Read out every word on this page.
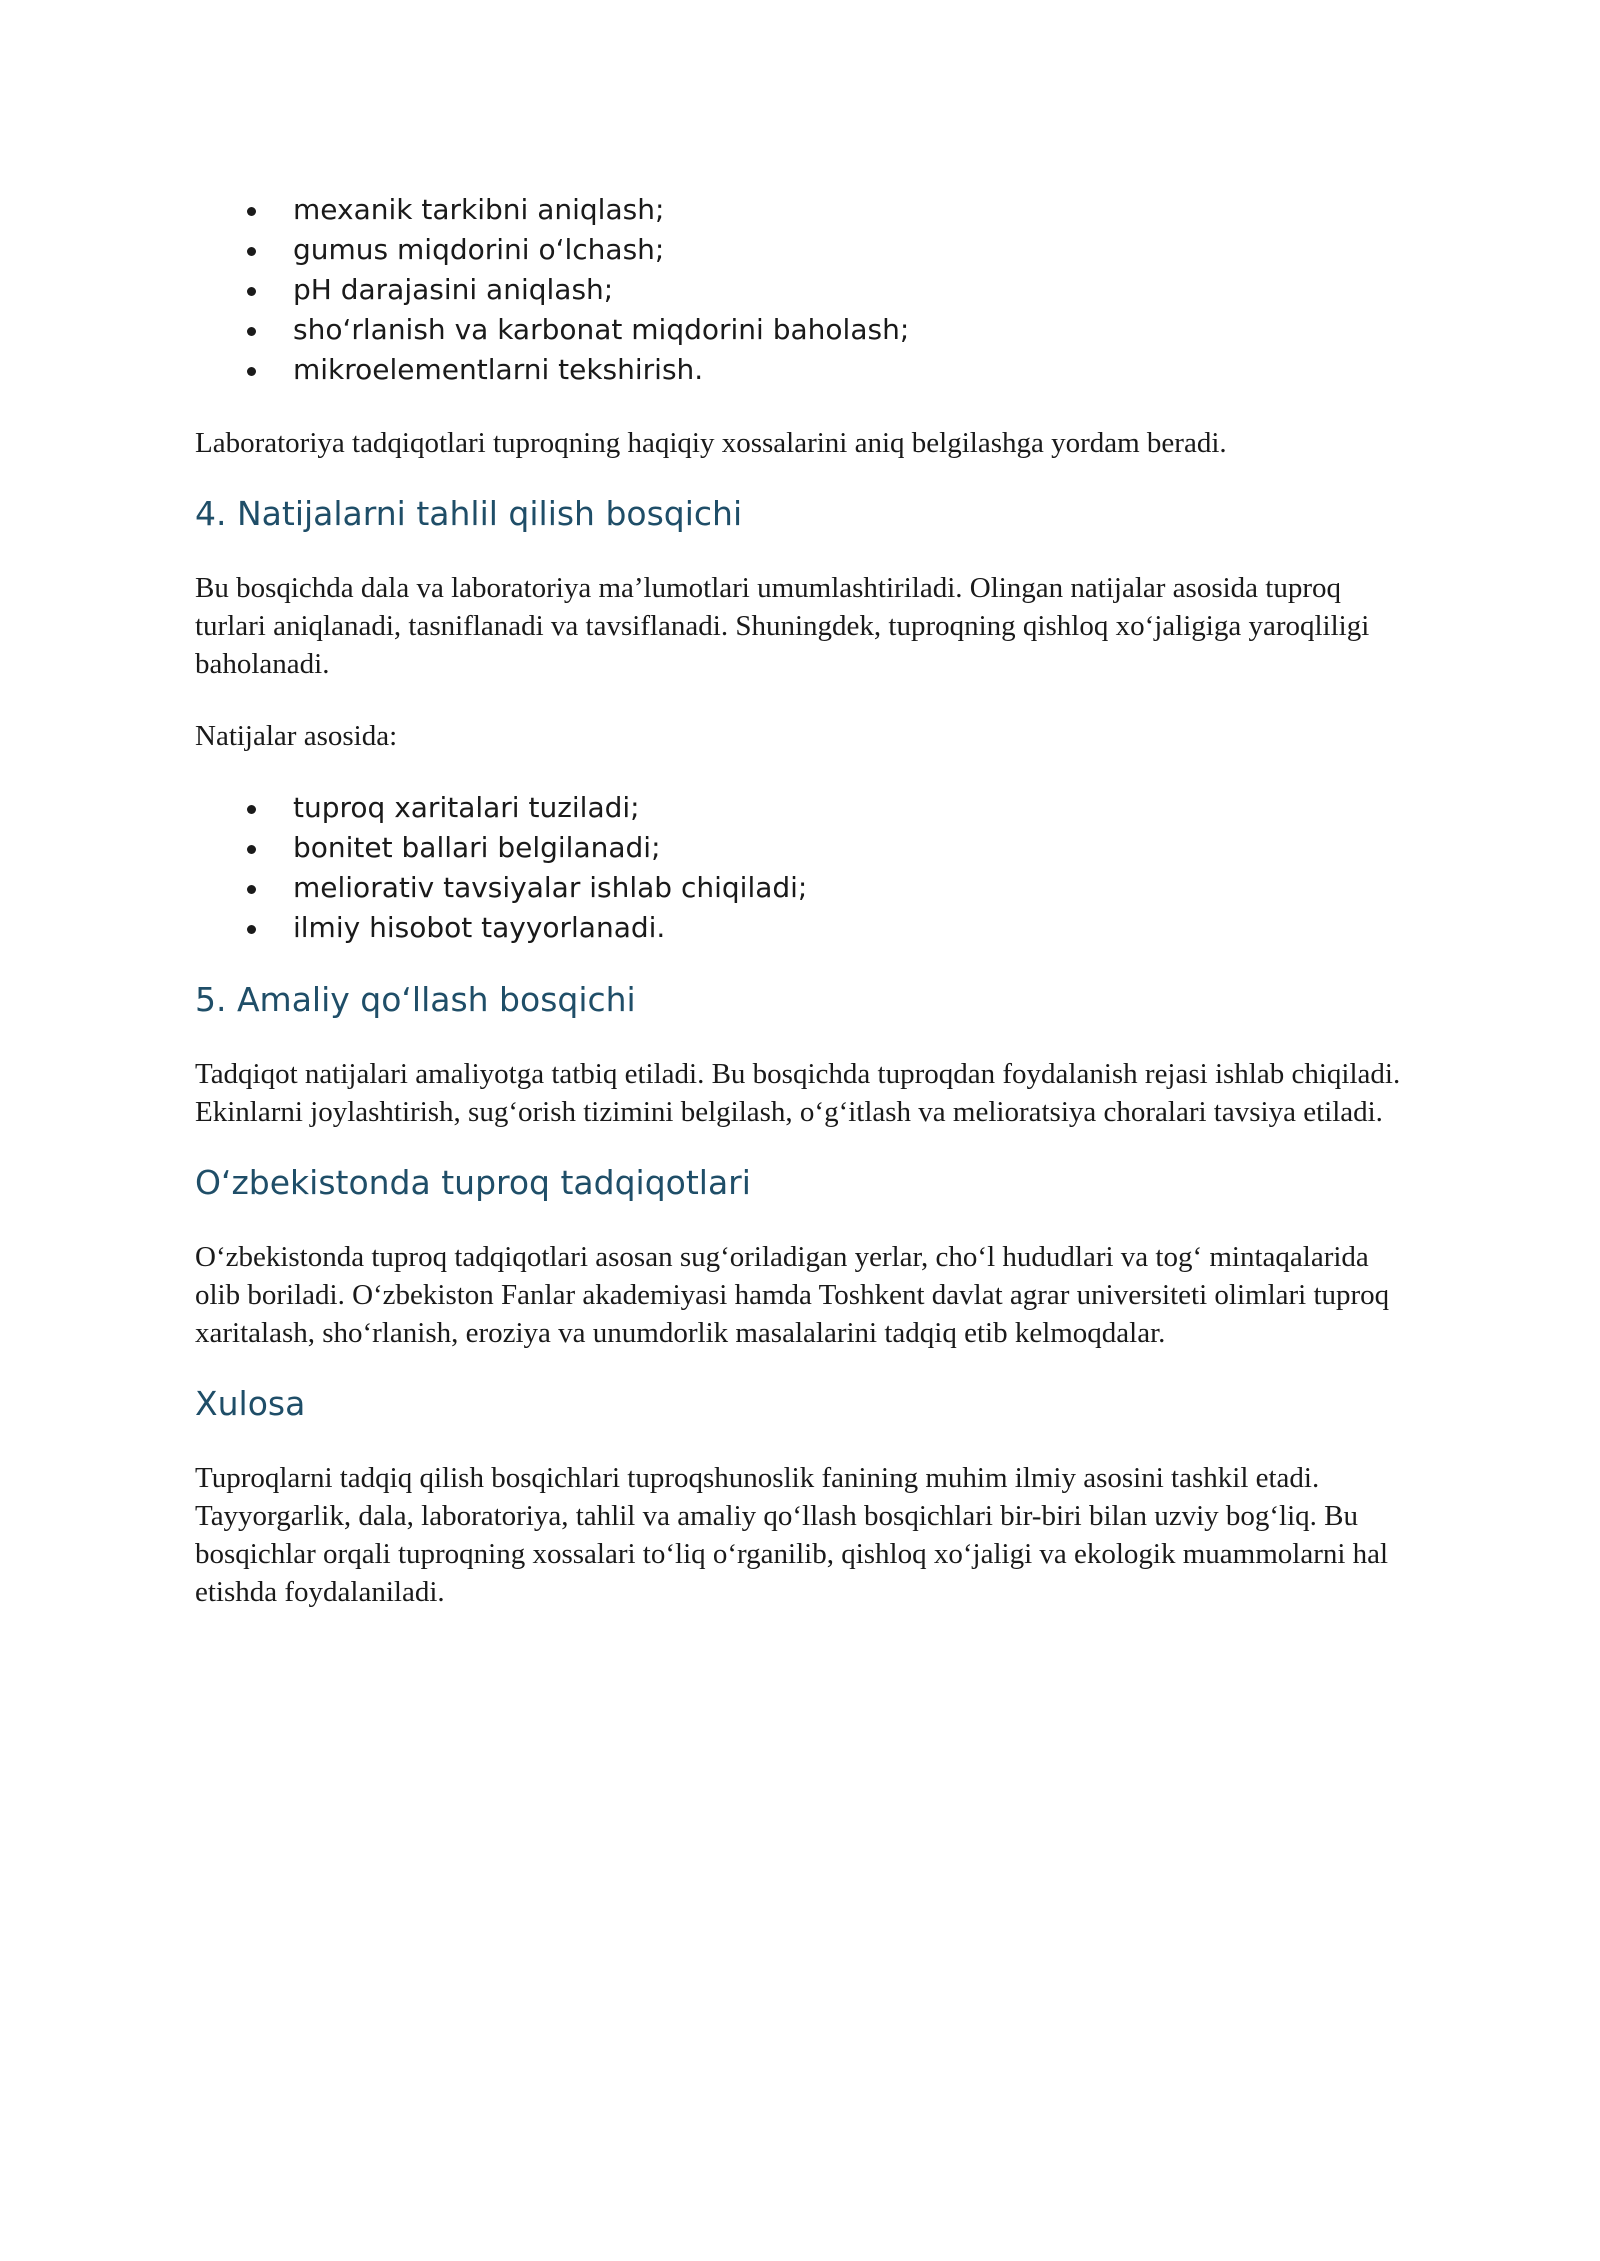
mexanik tarkibni aniqlash;
gumus miqdorini o‘lchash;
pH darajasini aniqlash;
sho‘rlanish va karbonat miqdorini baholash;
mikroelementlarni tekshirish.

Laboratoriya tadqiqotlari tuproqning haqiqiy xossalarini aniq belgilashga yordam beradi.

4. Natijalarni tahlil qilish bosqichi

Bu bosqichda dala va laboratoriya ma’lumotlari umumlashtiriladi. Olingan natijalar asosida tuproq turlari aniqlanadi, tasniflanadi va tavsiflanadi. Shuningdek, tuproqning qishloq xo‘jaligiga yaroqliligi baholanadi.

Natijalar asosida:

tuproq xaritalari tuziladi;
bonitet ballari belgilanadi;
meliorativ tavsiyalar ishlab chiqiladi;
ilmiy hisobot tayyorlanadi.
5. Amaliy qo‘llash bosqichi

Tadqiqot natijalari amaliyotga tatbiq etiladi. Bu bosqichda tuproqdan foydalanish rejasi ishlab chiqiladi. Ekinlarni joylashtirish, sug‘orish tizimini belgilash, o‘g‘itlash va melioratsiya choralari tavsiya etiladi.

O‘zbekistonda tuproq tadqiqotlari

O‘zbekistonda tuproq tadqiqotlari asosan sug‘oriladigan yerlar, cho‘l hududlari va tog‘ mintaqalarida olib boriladi. O‘zbekiston Fanlar akademiyasi hamda Toshkent davlat agrar universiteti olimlari tuproq xaritalash, sho‘rlanish, eroziya va unumdorlik masalalarini tadqiq etib kelmoqdalar.

Xulosa

Tuproqlarni tadqiq qilish bosqichlari tuproqshunoslik fanining muhim ilmiy asosini tashkil etadi. Tayyorgarlik, dala, laboratoriya, tahlil va amaliy qo‘llash bosqichlari bir-biri bilan uzviy bog‘liq. Bu bosqichlar orqali tuproqning xossalari to‘liq o‘rganilib, qishloq xo‘jaligi va ekologik muammolarni hal etishda foydalaniladi.
